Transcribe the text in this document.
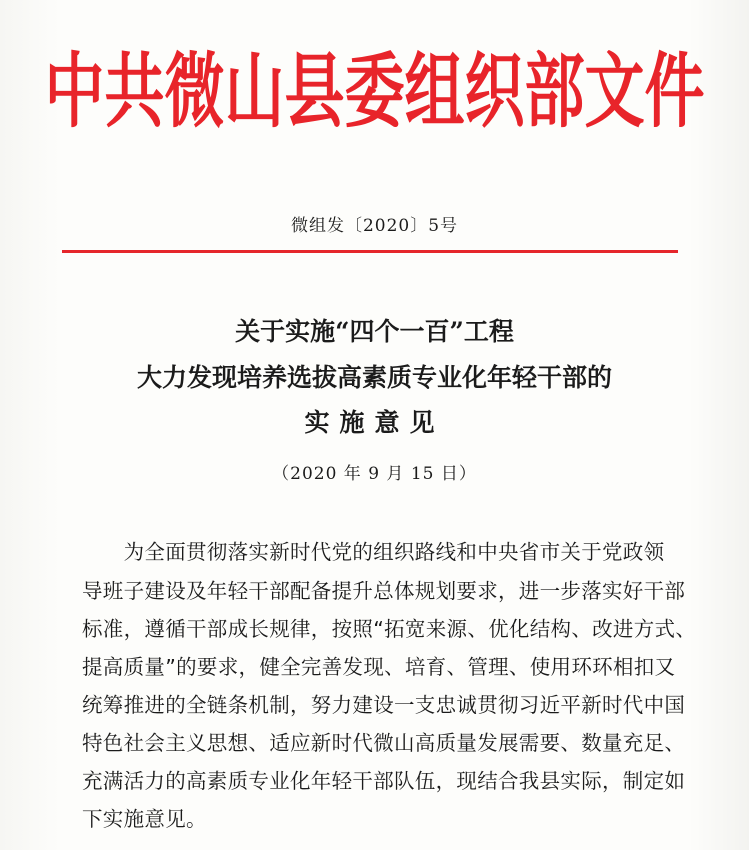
中共微山县委组织部文件
微组发〔2020〕5号
关于实施“四个一百”工程
大力发现培养选拔高素质专业化年轻干部的
实施意见
（2020 年 9 月 15 日）
　　为全面贯彻落实新时代党的组织路线和中央省市关于党政领
导班子建设及年轻干部配备提升总体规划要求，进一步落实好干部
标准，遵循干部成长规律，按照“拓宽来源、优化结构、改进方式、
提高质量”的要求，健全完善发现、培育、管理、使用环环相扣又
统筹推进的全链条机制，努力建设一支忠诚贯彻习近平新时代中国
特色社会主义思想、适应新时代微山高质量发展需要、数量充足、
充满活力的高素质专业化年轻干部队伍，现结合我县实际，制定如
下实施意见。
